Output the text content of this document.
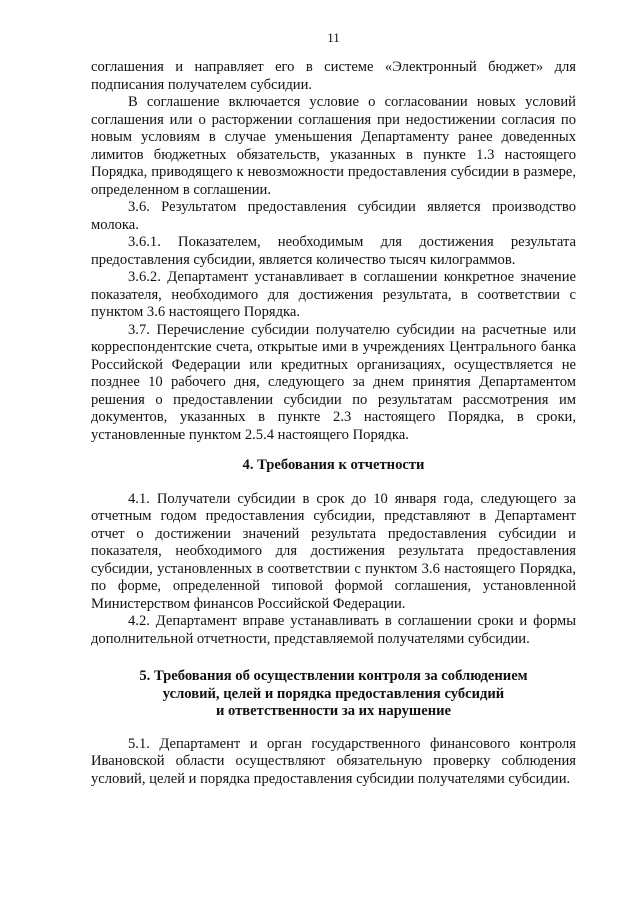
11

соглашения и направляет его в системе «Электронный бюджет» для подписания получателем субсидии.

В соглашение включается условие о согласовании новых условий соглашения или о расторжении соглашения при недостижении согласия по новым условиям в случае уменьшения Департаменту ранее доведенных лимитов бюджетных обязательств, указанных в пункте 1.3 настоящего Порядка, приводящего к невозможности предоставления субсидии в размере, определенном в соглашении.

3.6. Результатом предоставления субсидии является производство молока.

3.6.1. Показателем, необходимым для достижения результата предоставления субсидии, является количество тысяч килограммов.

3.6.2. Департамент устанавливает в соглашении конкретное значение показателя, необходимого для достижения результата, в соответствии с пунктом 3.6 настоящего Порядка.

3.7. Перечисление субсидии получателю субсидии на расчетные или корреспондентские счета, открытые ими в учреждениях Центрального банка Российской Федерации или кредитных организациях, осуществляется не позднее 10 рабочего дня, следующего за днем принятия Департаментом решения о предоставлении субсидии по результатам рассмотрения им документов, указанных в пункте 2.3 настоящего Порядка, в сроки, установленные пунктом 2.5.4 настоящего Порядка.

4. Требования к отчетности

4.1. Получатели субсидии в срок до 10 января года, следующего за отчетным годом предоставления субсидии, представляют в Департамент отчет о достижении значений результата предоставления субсидии и показателя, необходимого для достижения результата предоставления субсидии, установленных в соответствии с пунктом 3.6 настоящего Порядка, по форме, определенной типовой формой соглашения, установленной Министерством финансов Российской Федерации.

4.2. Департамент вправе устанавливать в соглашении сроки и формы дополнительной отчетности, представляемой получателями субсидии.

5. Требования об осуществлении контроля за соблюдением
условий, целей и порядка предоставления субсидий
и ответственности за их нарушение

5.1. Департамент и орган государственного финансового контроля Ивановской области осуществляют обязательную проверку соблюдения условий, целей и порядка предоставления субсидии получателями субсидии.
